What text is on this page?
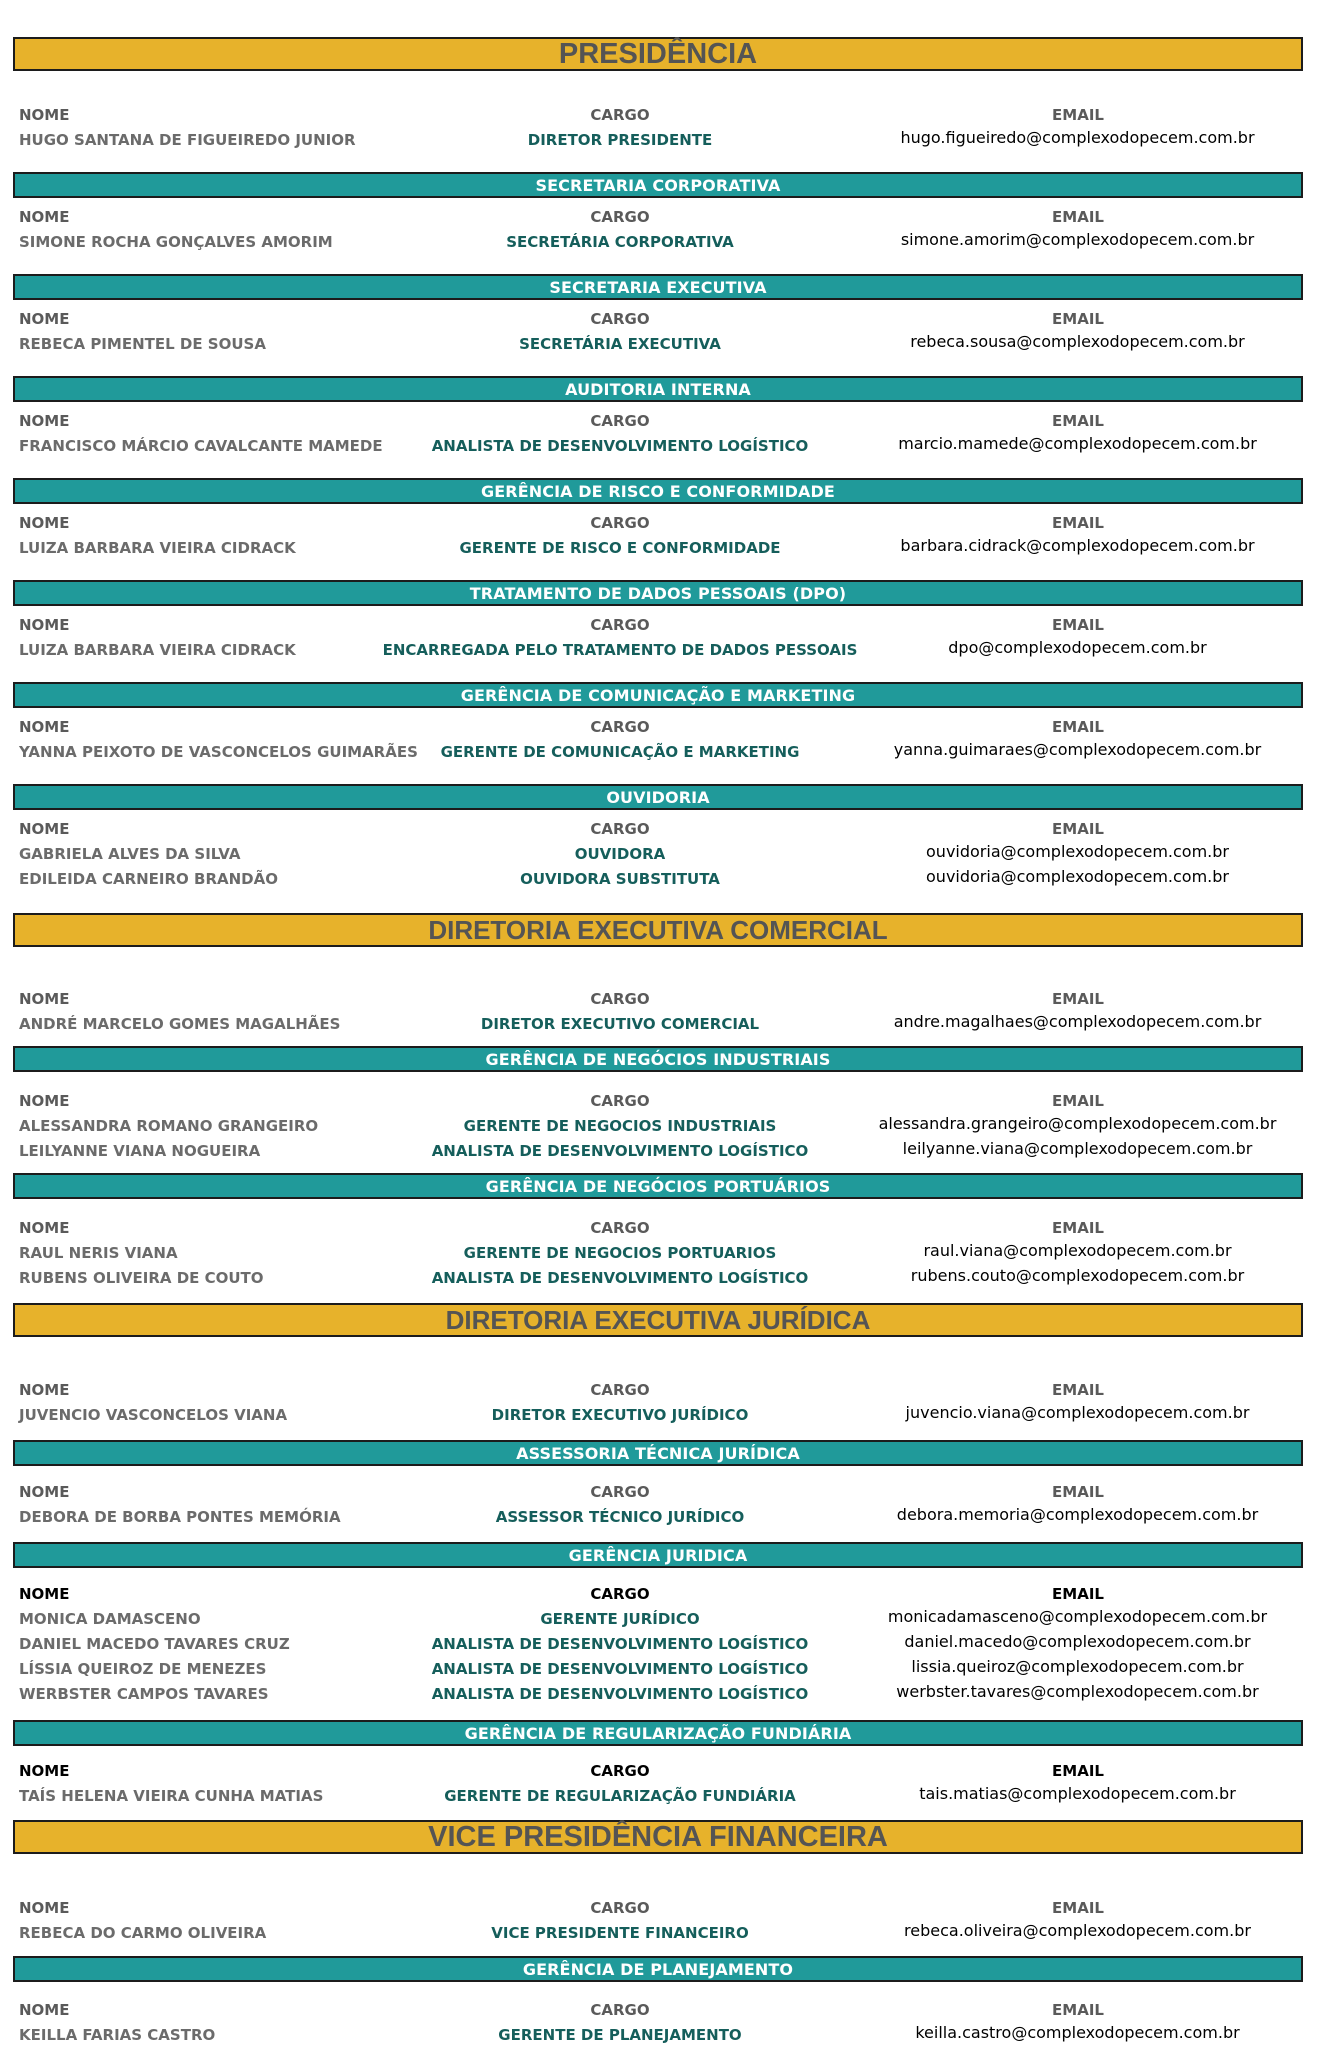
PRESIDÊNCIA
NOME	CARGO	EMAIL
HUGO SANTANA DE FIGUEIREDO JUNIOR	DIRETOR PRESIDENTE	hugo.figueiredo@complexodopecem.com.br
SECRETARIA CORPORATIVA
NOME	CARGO	EMAIL
SIMONE ROCHA GONÇALVES AMORIM	SECRETÁRIA CORPORATIVA	simone.amorim@complexodopecem.com.br
SECRETARIA EXECUTIVA
NOME	CARGO	EMAIL
REBECA PIMENTEL DE SOUSA	SECRETÁRIA EXECUTIVA	rebeca.sousa@complexodopecem.com.br
AUDITORIA INTERNA
NOME	CARGO	EMAIL
FRANCISCO MÁRCIO CAVALCANTE MAMEDE	ANALISTA DE DESENVOLVIMENTO LOGÍSTICO	marcio.mamede@complexodopecem.com.br
GERÊNCIA DE RISCO E CONFORMIDADE
NOME	CARGO	EMAIL
LUIZA BARBARA VIEIRA CIDRACK	GERENTE DE RISCO E CONFORMIDADE	barbara.cidrack@complexodopecem.com.br
TRATAMENTO DE DADOS PESSOAIS (DPO)
NOME	CARGO	EMAIL
LUIZA BARBARA VIEIRA CIDRACK	ENCARREGADA PELO TRATAMENTO DE DADOS PESSOAIS	dpo@complexodopecem.com.br
GERÊNCIA DE COMUNICAÇÃO E MARKETING
NOME	CARGO	EMAIL
YANNA PEIXOTO DE VASCONCELOS GUIMARÃES	GERENTE DE COMUNICAÇÃO E MARKETING	yanna.guimaraes@complexodopecem.com.br
OUVIDORIA
NOME	CARGO	EMAIL
GABRIELA ALVES DA SILVA	OUVIDORA	ouvidoria@complexodopecem.com.br
EDILEIDA CARNEIRO BRANDÃO	OUVIDORA SUBSTITUTA	ouvidoria@complexodopecem.com.br
DIRETORIA EXECUTIVA COMERCIAL
NOME	CARGO	EMAIL
ANDRÉ MARCELO GOMES MAGALHÃES	DIRETOR EXECUTIVO COMERCIAL	andre.magalhaes@complexodopecem.com.br
GERÊNCIA DE NEGÓCIOS INDUSTRIAIS
NOME	CARGO	EMAIL
ALESSANDRA ROMANO GRANGEIRO	GERENTE DE NEGOCIOS INDUSTRIAIS	alessandra.grangeiro@complexodopecem.com.br
LEILYANNE VIANA NOGUEIRA	ANALISTA DE DESENVOLVIMENTO LOGÍSTICO	leilyanne.viana@complexodopecem.com.br
GERÊNCIA DE NEGÓCIOS PORTUÁRIOS
NOME	CARGO	EMAIL
RAUL NERIS VIANA	GERENTE DE NEGOCIOS PORTUARIOS	raul.viana@complexodopecem.com.br
RUBENS OLIVEIRA DE COUTO	ANALISTA DE DESENVOLVIMENTO LOGÍSTICO	rubens.couto@complexodopecem.com.br
DIRETORIA EXECUTIVA JURÍDICA
NOME	CARGO	EMAIL
JUVENCIO VASCONCELOS VIANA	DIRETOR EXECUTIVO JURÍDICO	juvencio.viana@complexodopecem.com.br
ASSESSORIA TÉCNICA JURÍDICA
NOME	CARGO	EMAIL
DEBORA DE BORBA PONTES MEMÓRIA	ASSESSOR TÉCNICO JURÍDICO	debora.memoria@complexodopecem.com.br
GERÊNCIA JURIDICA
NOME	CARGO	EMAIL
MONICA DAMASCENO	GERENTE JURÍDICO	monicadamasceno@complexodopecem.com.br
DANIEL MACEDO TAVARES CRUZ	ANALISTA DE DESENVOLVIMENTO LOGÍSTICO	daniel.macedo@complexodopecem.com.br
LÍSSIA QUEIROZ DE MENEZES	ANALISTA DE DESENVOLVIMENTO LOGÍSTICO	lissia.queiroz@complexodopecem.com.br
WERBSTER CAMPOS TAVARES	ANALISTA DE DESENVOLVIMENTO LOGÍSTICO	werbster.tavares@complexodopecem.com.br
GERÊNCIA DE REGULARIZAÇÃO FUNDIÁRIA
NOME	CARGO	EMAIL
TAÍS HELENA VIEIRA CUNHA MATIAS	GERENTE DE REGULARIZAÇÃO FUNDIÁRIA	tais.matias@complexodopecem.com.br
VICE PRESIDÊNCIA FINANCEIRA
NOME	CARGO	EMAIL
REBECA DO CARMO OLIVEIRA	VICE PRESIDENTE FINANCEIRO	rebeca.oliveira@complexodopecem.com.br
GERÊNCIA DE PLANEJAMENTO
NOME	CARGO	EMAIL
KEILLA FARIAS CASTRO	GERENTE DE PLANEJAMENTO	keilla.castro@complexodopecem.com.br
